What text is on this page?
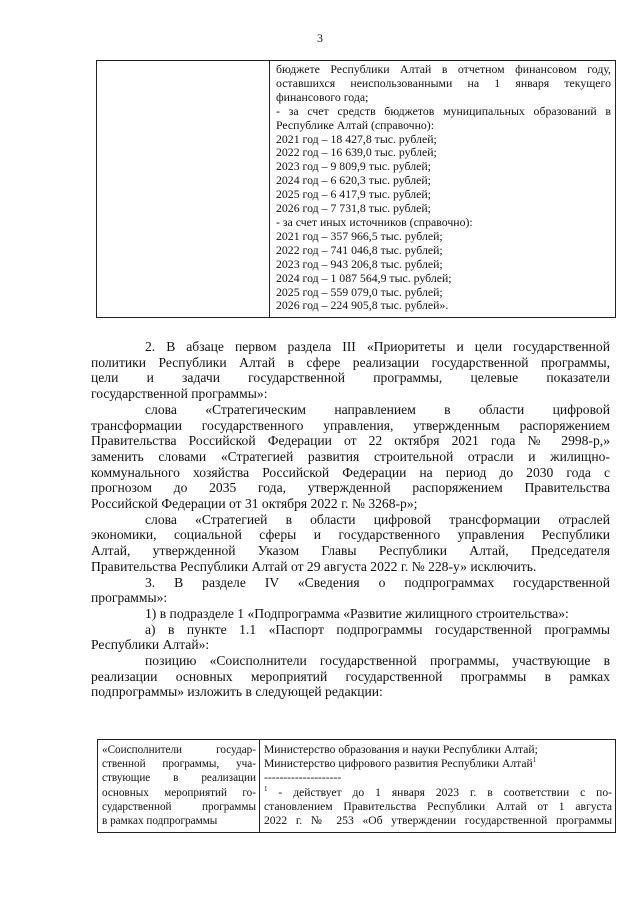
3

бюджете Республики Алтай в отчетном финансовом году,
оставшихся неиспользованными на 1 января текущего
финансового года;
- за счет средств бюджетов муниципальных образований в
Республике Алтай (справочно):
2021 год – 18 427,8 тыс. рублей;
2022 год – 16 639,0 тыс. рублей;
2023 год – 9 809,9 тыс. рублей;
2024 год – 6 620,3 тыс. рублей;
2025 год – 6 417,9 тыс. рублей;
2026 год – 7 731,8 тыс. рублей;
- за счет иных источников (справочно):
2021 год – 357 966,5 тыс. рублей;
2022 год – 741 046,8 тыс. рублей;
2023 год – 943 206,8 тыс. рублей;
2024 год – 1 087 564,9 тыс. рублей;
2025 год – 559 079,0 тыс. рублей;
2026 год – 224 905,8 тыс. рублей».
2. В абзаце первом раздела III «Приоритеты и цели государственной
политики Республики Алтай в сфере реализации государственной программы,
цели и задачи государственной программы, целевые показатели
государственной программы»:
слова «Стратегическим направлением в области цифровой
трансформации государственного управления, утвержденным распоряжением
Правительства Российской Федерации от 22 октября 2021 года № 2998-р,»
заменить словами «Стратегией развития строительной отрасли и жилищно-
коммунального хозяйства Российской Федерации на период до 2030 года с
прогнозом до 2035 года, утвержденной распоряжением Правительства
Российской Федерации от 31 октября 2022 г. № 3268-р»;
слова «Стратегией в области цифровой трансформации отраслей
экономики, социальной сферы и государственного управления Республики
Алтай, утвержденной Указом Главы Республики Алтай, Председателя
Правительства Республики Алтай от 29 августа 2022 г. № 228-у» исключить.
3. В разделе IV «Сведения о подпрограммах государственной
программы»:
1) в подразделе 1 «Подпрограмма «Развитие жилищного строительства»:
а) в пункте 1.1 «Паспорт подпрограммы государственной программы
Республики Алтай»:
позицию «Соисполнители государственной программы, участвующие в
реализации основных мероприятий государственной программы в рамках
подпрограммы» изложить в следующей редакции:
«Соисполнители государ-
ственной программы, уча-
ствующие в реализации
основных мероприятий го-
сударственной программы
в рамках подпрограммы

Министерство образования и науки Республики Алтай;
Министерство цифрового развития Республики Алтай$^1$
--------------------
$^1$ - действует до 1 января 2023 г. в соответствии с по-
становлением Правительства Республики Алтай от 1 августа
2022 г. № 253 «Об утверждении государственной программы
